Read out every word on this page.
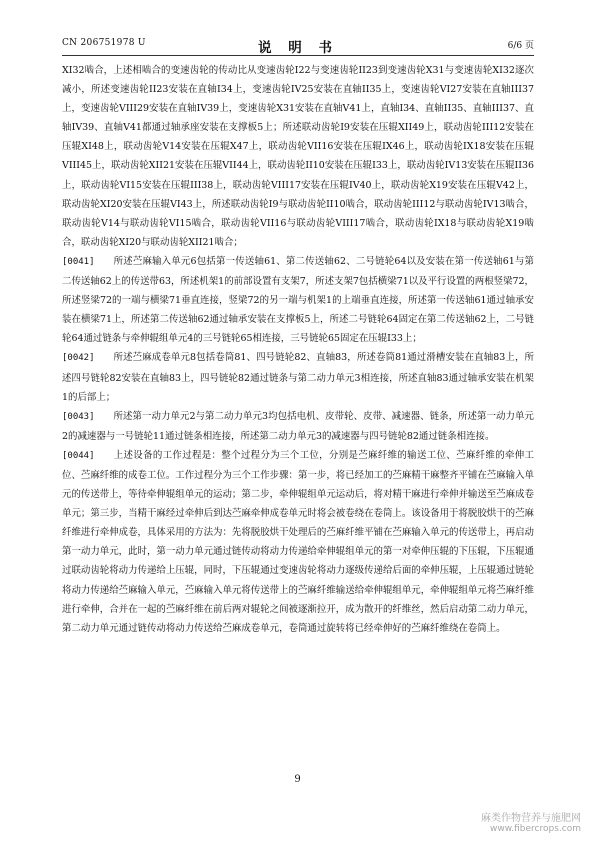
CN 206751978 U	说 明 书	6/6 页

XI32啮合，上述相啮合的变速齿轮的传动比从变速齿轮I22与变速齿轮II23到变速齿轮X31与变速齿轮XI32逐次减小，所述变速齿轮II23安装在直轴I34上，变速齿轮IV25安装在直轴II35上，变速齿轮VI27安装在直轴III37上，变速齿轮VIII29安装在直轴IV39上，变速齿轮X31安装在直轴V41上，直轴I34、直轴II35、直轴III37、直轴IV39、直轴V41都通过轴承座安装在支撑板5上；所述联动齿轮I9安装在压辊XII49上，联动齿轮III12安装在压辊XI48上，联动齿轮V14安装在压辊X47上，联动齿轮VII16安装在压辊IX46上，联动齿轮IX18安装在压辊VIII45上，联动齿轮XII21安装在压辊VII44上，联动齿轮II10安装在压辊I33上，联动齿轮IV13安装在压辊II36上，联动齿轮VI15安装在压辊III38上，联动齿轮VIII17安装在压辊IV40上，联动齿轮X19安装在压辊V42上，联动齿轮XI20安装在压辊VI43上，所述联动齿轮I9与联动齿轮II10啮合，联动齿轮III12与联动齿轮IV13啮合，联动齿轮V14与联动齿轮VI15啮合，联动齿轮VII16与联动齿轮VIII17啮合，联动齿轮IX18与联动齿轮X19啮合，联动齿轮XI20与联动齿轮XII21啮合；

[0041]   所述苎麻输入单元6包括第一传送轴61、第二传送轴62、二号链轮64以及安装在第一传送轴61与第二传送轴62上的传送带63，所述机架1的前部设置有支架7，所述支架7包括横梁71以及平行设置的两根竖梁72，所述竖梁72的一端与横梁71垂直连接，竖梁72的另一端与机架1的上端垂直连接，所述第一传送轴61通过轴承安装在横梁71上，所述第二传送轴62通过轴承安装在支撑板5上，所述二号链轮64固定在第二传送轴62上，二号链轮64通过链条与牵伸辊组单元4的三号链轮65相连接，三号链轮65固定在压辊I33上；

[0042]   所述苎麻成卷单元8包括卷筒81、四号链轮82、直轴83，所述卷筒81通过滑槽安装在直轴83上，所述四号链轮82安装在直轴83上，四号链轮82通过链条与第二动力单元3相连接，所述直轴83通过轴承安装在机架1的后部上；

[0043]   所述第一动力单元2与第二动力单元3均包括电机、皮带轮、皮带、减速器、链条，所述第一动力单元2的减速器与一号链轮11通过链条相连接，所述第二动力单元3的减速器与四号链轮82通过链条相连接。

[0044]   上述设备的工作过程是：整个过程分为三个工位，分别是苎麻纤维的输送工位、苎麻纤维的牵伸工位、苎麻纤维的成卷工位。工作过程分为三个工作步骤：第一步，将已经加工的苎麻精干麻整齐平铺在苎麻输入单元的传送带上，等待牵伸辊组单元的运动；第二步，牵伸辊组单元运动后，将对精干麻进行牵伸并输送至苎麻成卷单元；第三步，当精干麻经过牵伸后到达苎麻牵伸成卷单元时将会被卷绕在卷筒上。该设备用于将脱胶烘干的苎麻纤维进行牵伸成卷，具体采用的方法为：先将脱胶烘干处理后的苎麻纤维平铺在苎麻输入单元的传送带上，再启动第一动力单元，此时，第一动力单元通过链传动将动力传递给牵伸辊组单元的第一对牵伸压辊的下压辊，下压辊通过联动齿轮将动力传递给上压辊，同时，下压辊通过变速齿轮将动力逐级传递给后面的牵伸压辊，上压辊通过链轮将动力传递给苎麻输入单元，苎麻输入单元将传送带上的苎麻纤维输送给牵伸辊组单元，牵伸辊组单元将苎麻纤维进行牵伸，合并在一起的苎麻纤维在前后两对辊轮之间被逐渐拉开，成为散开的纤维丝，然后启动第二动力单元，第二动力单元通过链传动将动力传送给苎麻成卷单元，卷筒通过旋转将已经牵伸好的苎麻纤维绕在卷筒上。

9
麻类作物营养与施肥网
www.fibercrops.com
